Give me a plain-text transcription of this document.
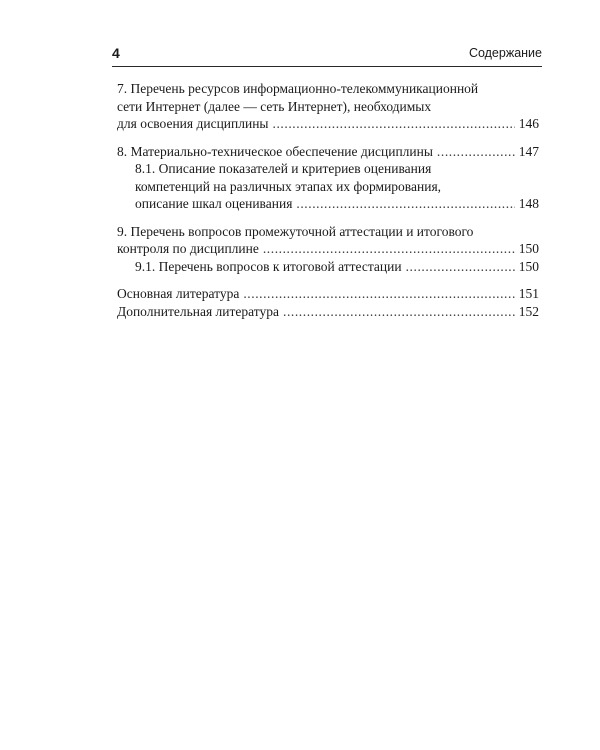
4	Содержание
7. Перечень ресурсов информационно-телекоммуникационной
сети Интернет (далее — сеть Интернет), необходимых
для освоения дисциплины . . .	146
8. Материально-техническое обеспечение дисциплины . . .	147
8.1. Описание показателей и критериев оценивания
компетенций на различных этапах их формирования,
описание шкал оценивания . . .	148
9. Перечень вопросов промежуточной аттестации и итогового
контроля по дисциплине . . .	150
9.1. Перечень вопросов к итоговой аттестации . . .	150
Основная литература . . .	151
Дополнительная литература . . .	152
